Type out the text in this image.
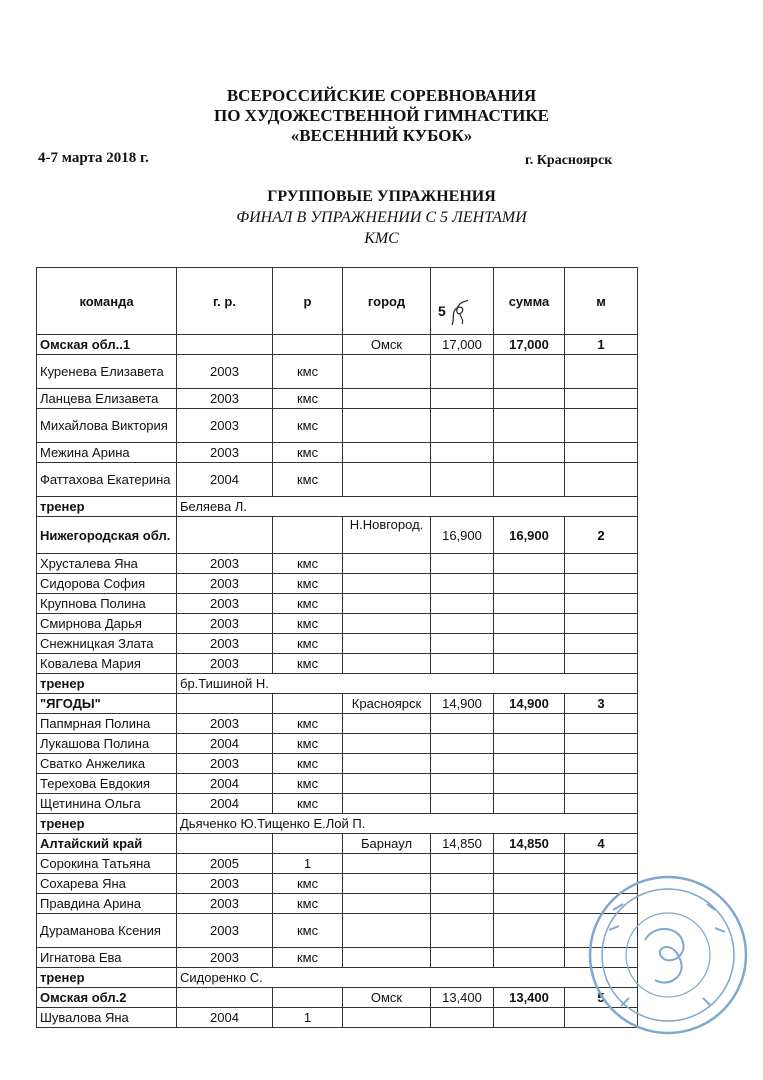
ВСЕРОССИЙСКИЕ СОРЕВНОВАНИЯ
ПО ХУДОЖЕСТВЕННОЙ ГИМНАСТИКЕ
«ВЕСЕННИЙ КУБОК»
4-7 марта 2018 г.	г. Красноярск
ГРУППОВЫЕ УПРАЖНЕНИЯ
ФИНАЛ В УПРАЖНЕНИИ С 5 ЛЕНТАМИ
КМС
команда	г. р.	р	город	5	сумма	м
Омская обл..1			Омск	17,000	17,000	1
Куренева Елизавета	2003	кмс				
Ланцева Елизавета	2003	кмс				
Михайлова Виктория	2003	кмс				
Межина Арина	2003	кмс				
Фаттахова Екатерина	2004	кмс				
тренер	Беляева Л.					
Нижегородская обл.			Н.Новгород.	16,900	16,900	2
Хрусталева Яна	2003	кмс				
Сидорова София	2003	кмс				
Крупнова Полина	2003	кмс				
Смирнова Дарья	2003	кмс				
Снежницкая Злата	2003	кмс				
Ковалева Мария	2003	кмс				
тренер	бр.Тишиной Н.					
"ЯГОДЫ"			Красноярск	14,900	14,900	3
Папмрная Полина	2003	кмс				
Лукашова Полина	2004	кмс				
Сватко Анжелика	2003	кмс				
Терехова Евдокия	2004	кмс				
Щетинина Ольга	2004	кмс				
тренер	Дьяченко Ю.Тищенко Е.Лой П.					
Алтайский край			Барнаул	14,850	14,850	4
Сорокина Татьяна	2005	1				
Сохарева Яна	2003	кмс				
Правдина Арина	2003	кмс				
Дураманова Ксения	2003	кмс				
Игнатова Ева	2003	кмс				
тренер	Сидоренко С.					
Омская обл.2			Омск	13,400	13,400	5
Шувалова Яна	2004	1				
